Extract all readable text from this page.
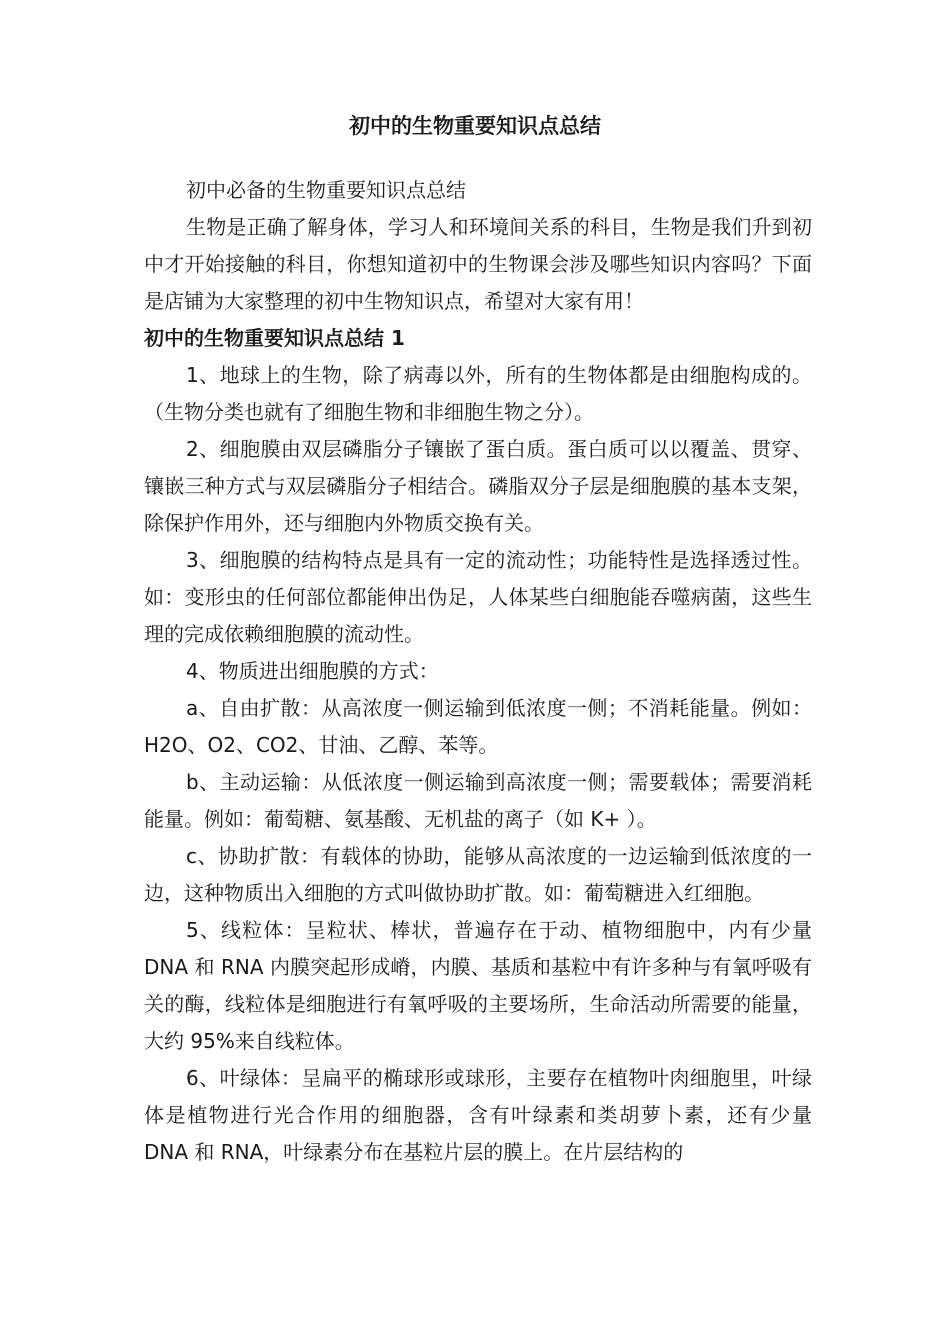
初中的生物重要知识点总结

初中必备的生物重要知识点总结

生物是正确了解身体，学习人和环境间关系的科目，生物是我们升到初中才开始接触的科目，你想知道初中的生物课会涉及哪些知识内容吗？下面是店铺为大家整理的初中生物知识点，希望对大家有用！

初中的生物重要知识点总结 1

1、地球上的生物，除了病毒以外，所有的生物体都是由细胞构成的。（生物分类也就有了细胞生物和非细胞生物之分）。

2、细胞膜由双层磷脂分子镶嵌了蛋白质。蛋白质可以以覆盖、贯穿、镶嵌三种方式与双层磷脂分子相结合。磷脂双分子层是细胞膜的基本支架，除保护作用外，还与细胞内外物质交换有关。

3、细胞膜的结构特点是具有一定的流动性；功能特性是选择透过性。如：变形虫的任何部位都能伸出伪足，人体某些白细胞能吞噬病菌，这些生理的完成依赖细胞膜的流动性。

4、物质进出细胞膜的方式：

a、自由扩散：从高浓度一侧运输到低浓度一侧；不消耗能量。例如：H2O、O2、CO2、甘油、乙醇、苯等。

b、主动运输：从低浓度一侧运输到高浓度一侧；需要载体；需要消耗能量。例如：葡萄糖、氨基酸、无机盐的离子（如 K+ ）。

c、协助扩散：有载体的协助，能够从高浓度的一边运输到低浓度的一边，这种物质出入细胞的方式叫做协助扩散。如：葡萄糖进入红细胞。

5、线粒体：呈粒状、棒状，普遍存在于动、植物细胞中，内有少量 DNA 和 RNA 内膜突起形成嵴，内膜、基质和基粒中有许多种与有氧呼吸有关的酶，线粒体是细胞进行有氧呼吸的主要场所，生命活动所需要的能量，大约 95%来自线粒体。

6、叶绿体：呈扁平的椭球形或球形，主要存在植物叶肉细胞里，叶绿体是植物进行光合作用的细胞器，含有叶绿素和类胡萝卜素，还有少量 DNA 和 RNA，叶绿素分布在基粒片层的膜上。在片层结构的
